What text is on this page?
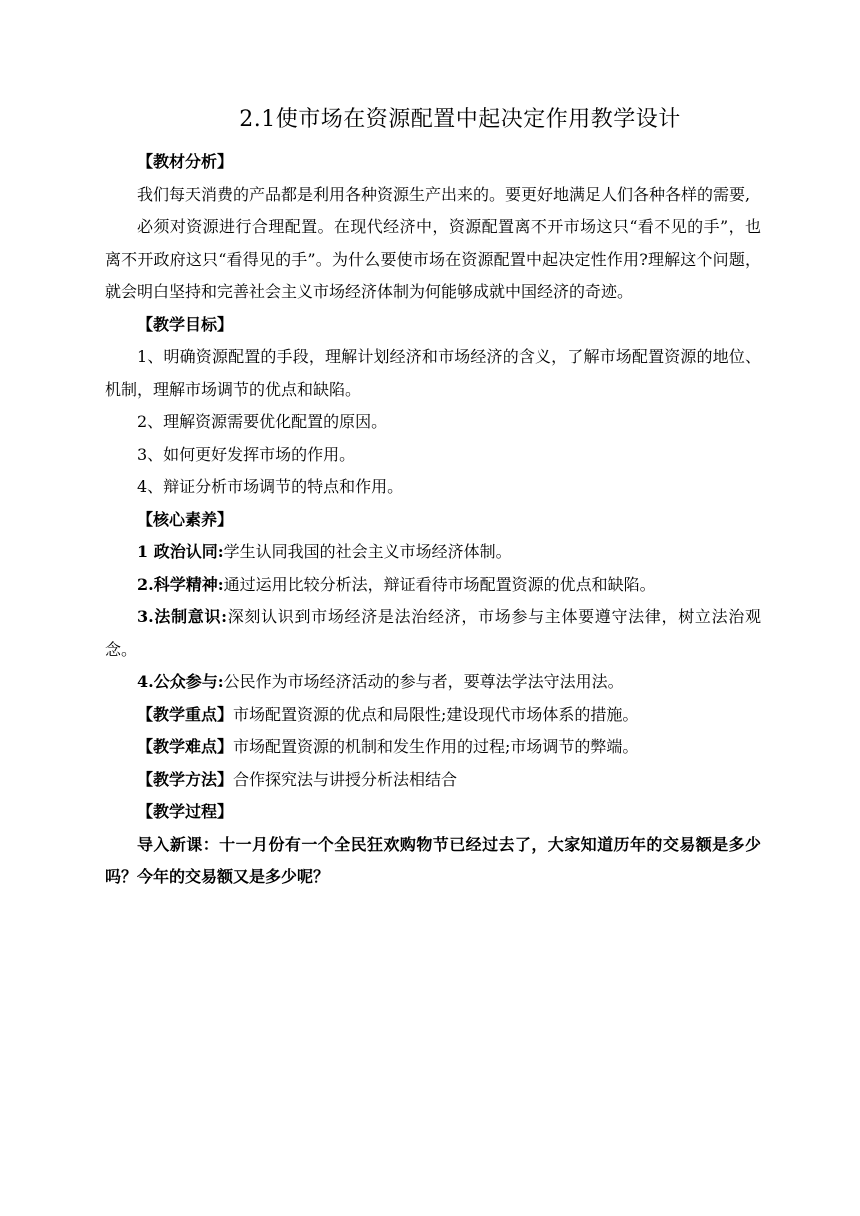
2.1使市场在资源配置中起决定作用教学设计

【教材分析】

我们每天消费的产品都是利用各种资源生产出来的。要更好地满足人们各种各样的需要,

必须对资源进行合理配置。在现代经济中，资源配置离不开市场这只“看不见的手”，也离不开政府这只“看得见的手”。为什么要使市场在资源配置中起决定性作用?理解这个问题，就会明白坚持和完善社会主义市场经济体制为何能够成就中国经济的奇迹。

【教学目标】

1、明确资源配置的手段，理解计划经济和市场经济的含义，了解市场配置资源的地位、机制，理解市场调节的优点和缺陷。

2、理解资源需要优化配置的原因。

3、如何更好发挥市场的作用。

4、辩证分析市场调节的特点和作用。

【核心素养】

1 政治认同:学生认同我国的社会主义市场经济体制。

2.科学精神:通过运用比较分析法，辩证看待市场配置资源的优点和缺陷。

3.法制意识:深刻认识到市场经济是法治经济，市场参与主体要遵守法律，树立法治观念。

4.公众参与:公民作为市场经济活动的参与者，要尊法学法守法用法。

【教学重点】市场配置资源的优点和局限性;建设现代市场体系的措施。

【教学难点】市场配置资源的机制和发生作用的过程;市场调节的弊端。

【教学方法】合作探究法与讲授分析法相结合

【教学过程】

导入新课：十一月份有一个全民狂欢购物节已经过去了，大家知道历年的交易额是多少吗？今年的交易额又是多少呢？
